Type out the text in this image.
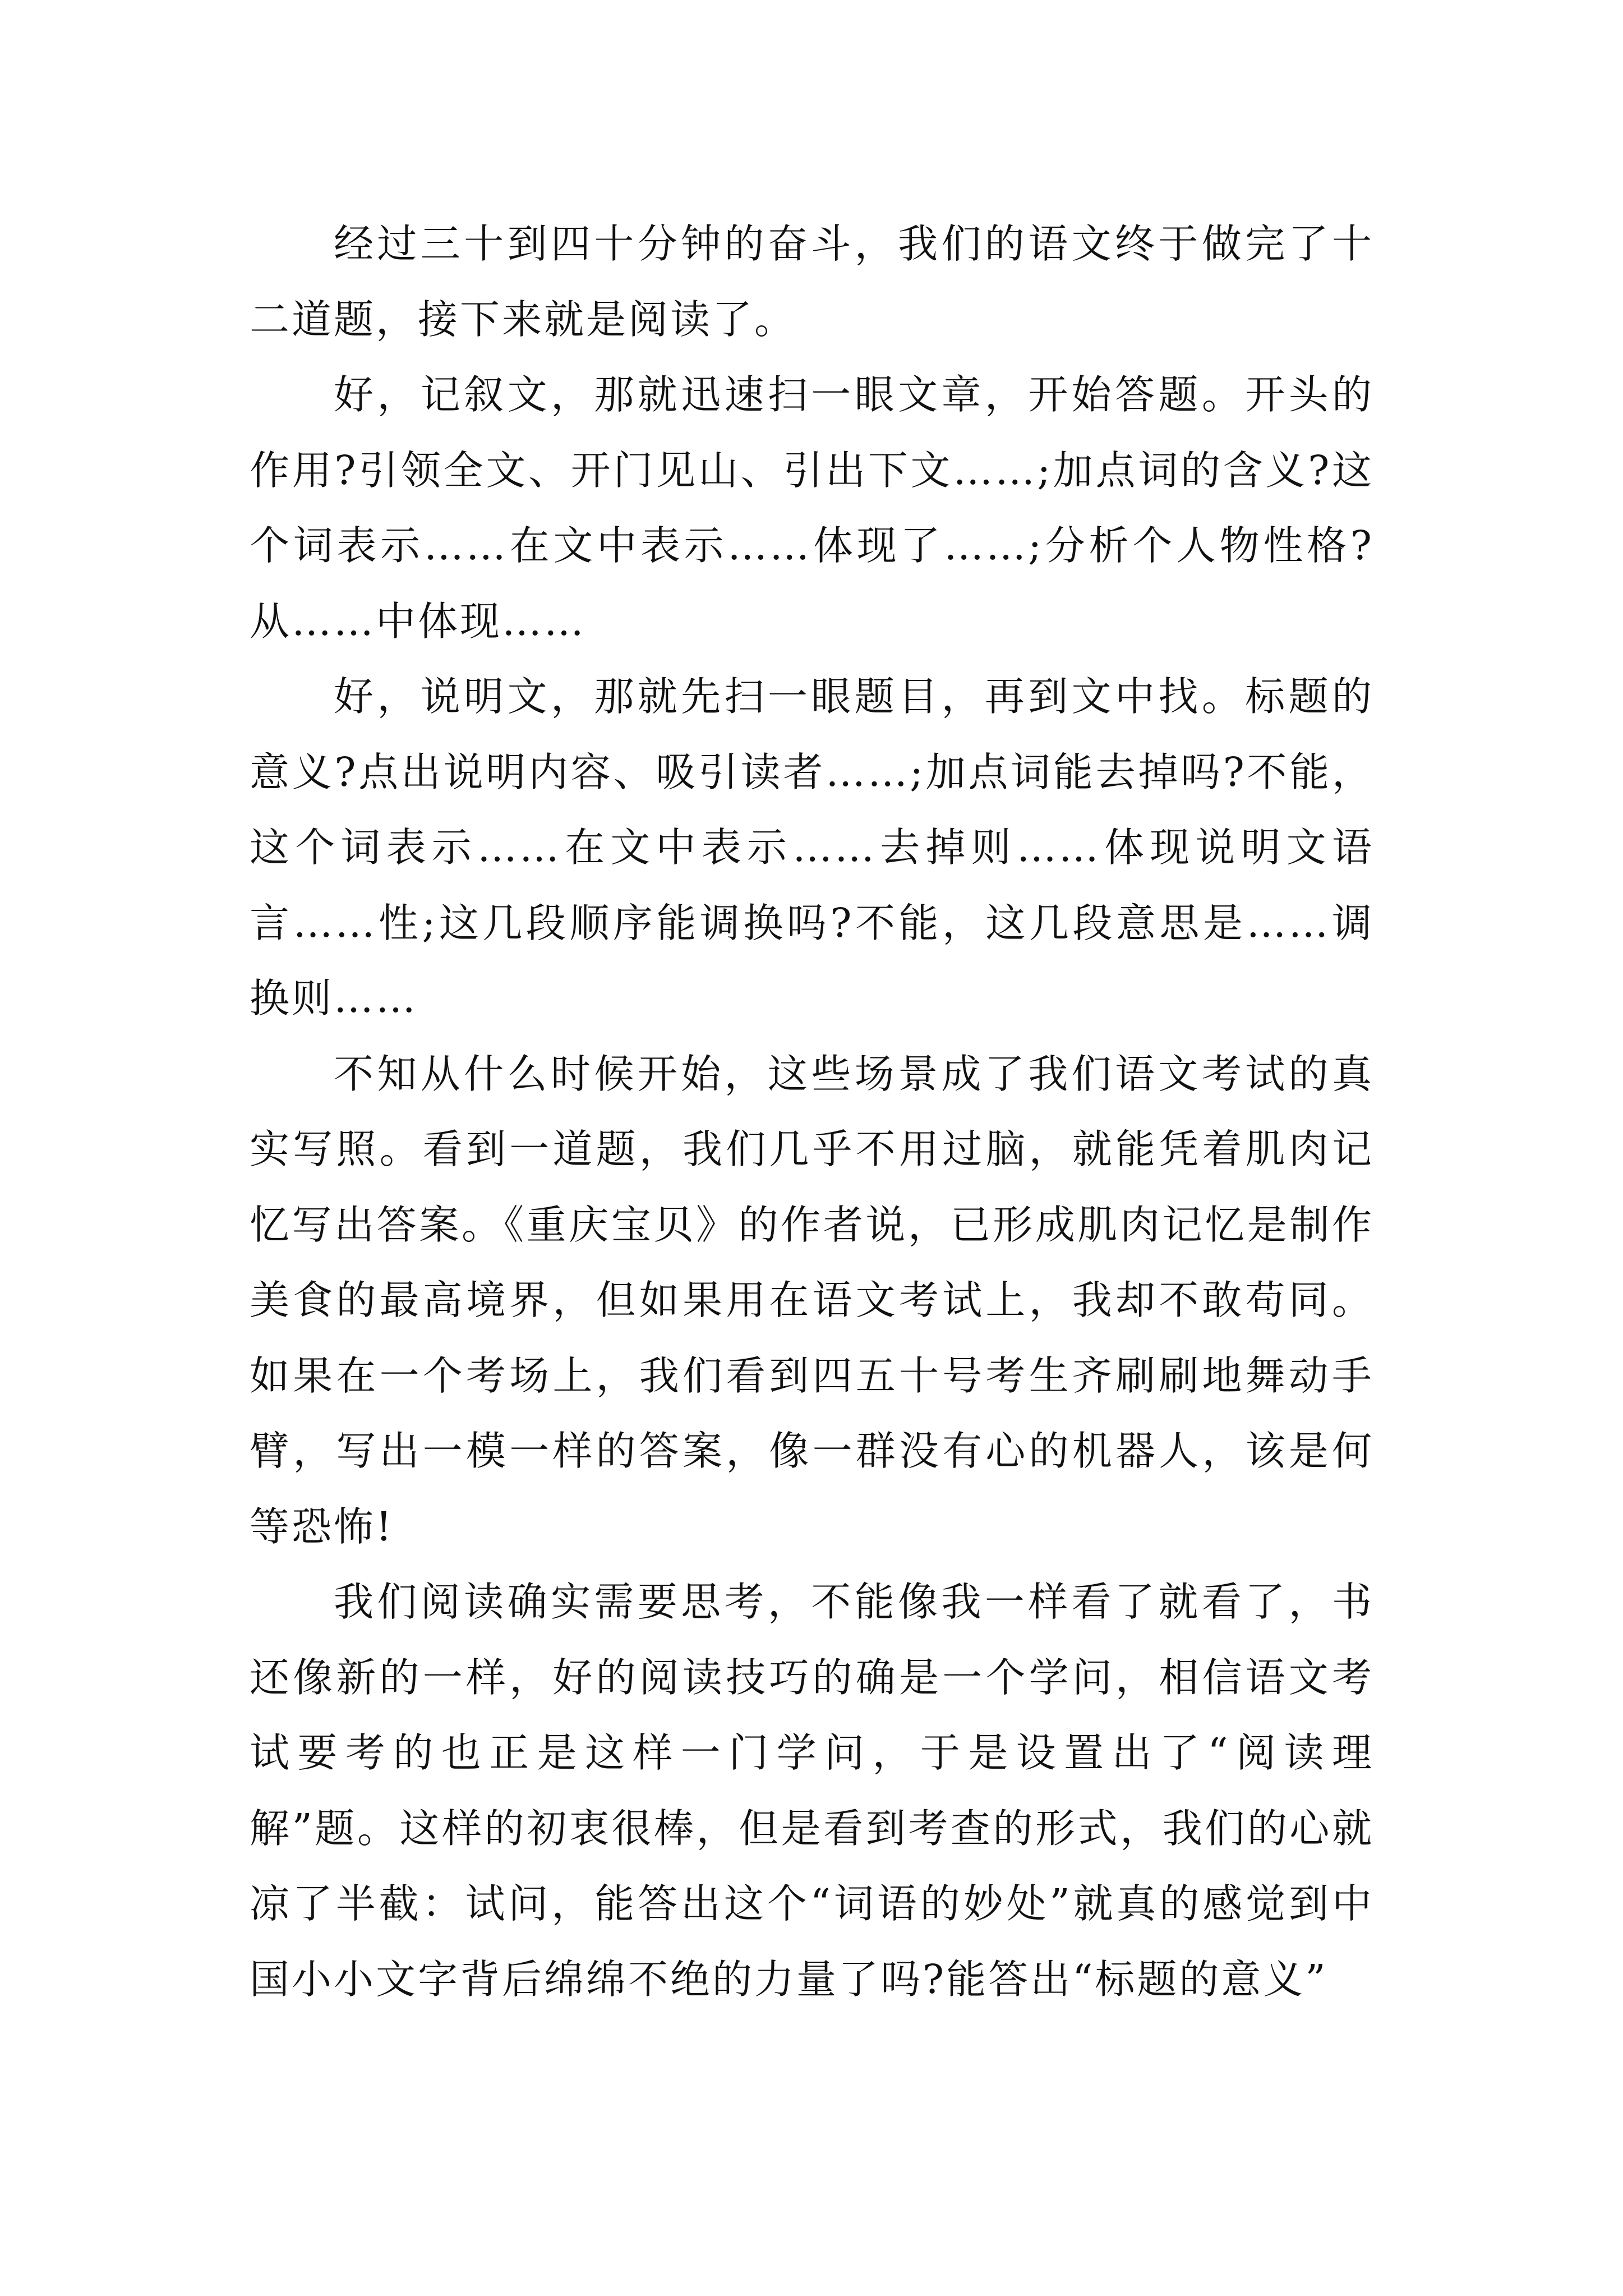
经过三十到四十分钟的奋斗，我们的语文终于做完了十二道题，接下来就是阅读了。

好，记叙文，那就迅速扫一眼文章，开始答题。开头的作用?引领全文、开门见山、引出下文……;加点词的含义?这个词表示……在文中表示……体现了……;分析个人物性格?从……中体现……

好，说明文，那就先扫一眼题目，再到文中找。标题的意义?点出说明内容、吸引读者……;加点词能去掉吗?不能，这个词表示……在文中表示……去掉则……体现说明文语言……性;这几段顺序能调换吗?不能，这几段意思是……调换则……

不知从什么时候开始，这些场景成了我们语文考试的真实写照。看到一道题，我们几乎不用过脑，就能凭着肌肉记忆写出答案。《重庆宝贝》的作者说，已形成肌肉记忆是制作美食的最高境界，但如果用在语文考试上，我却不敢苟同。如果在一个考场上，我们看到四五十号考生齐刷刷地舞动手臂，写出一模一样的答案，像一群没有心的机器人，该是何等恐怖!

我们阅读确实需要思考，不能像我一样看了就看了，书还像新的一样，好的阅读技巧的确是一个学问，相信语文考试要考的也正是这样一门学问，于是设置出了“阅读理解”题。这样的初衷很棒，但是看到考查的形式，我们的心就凉了半截：试问，能答出这个“词语的妙处”就真的感觉到中国小小文字背后绵绵不绝的力量了吗?能答出“标题的意义”
